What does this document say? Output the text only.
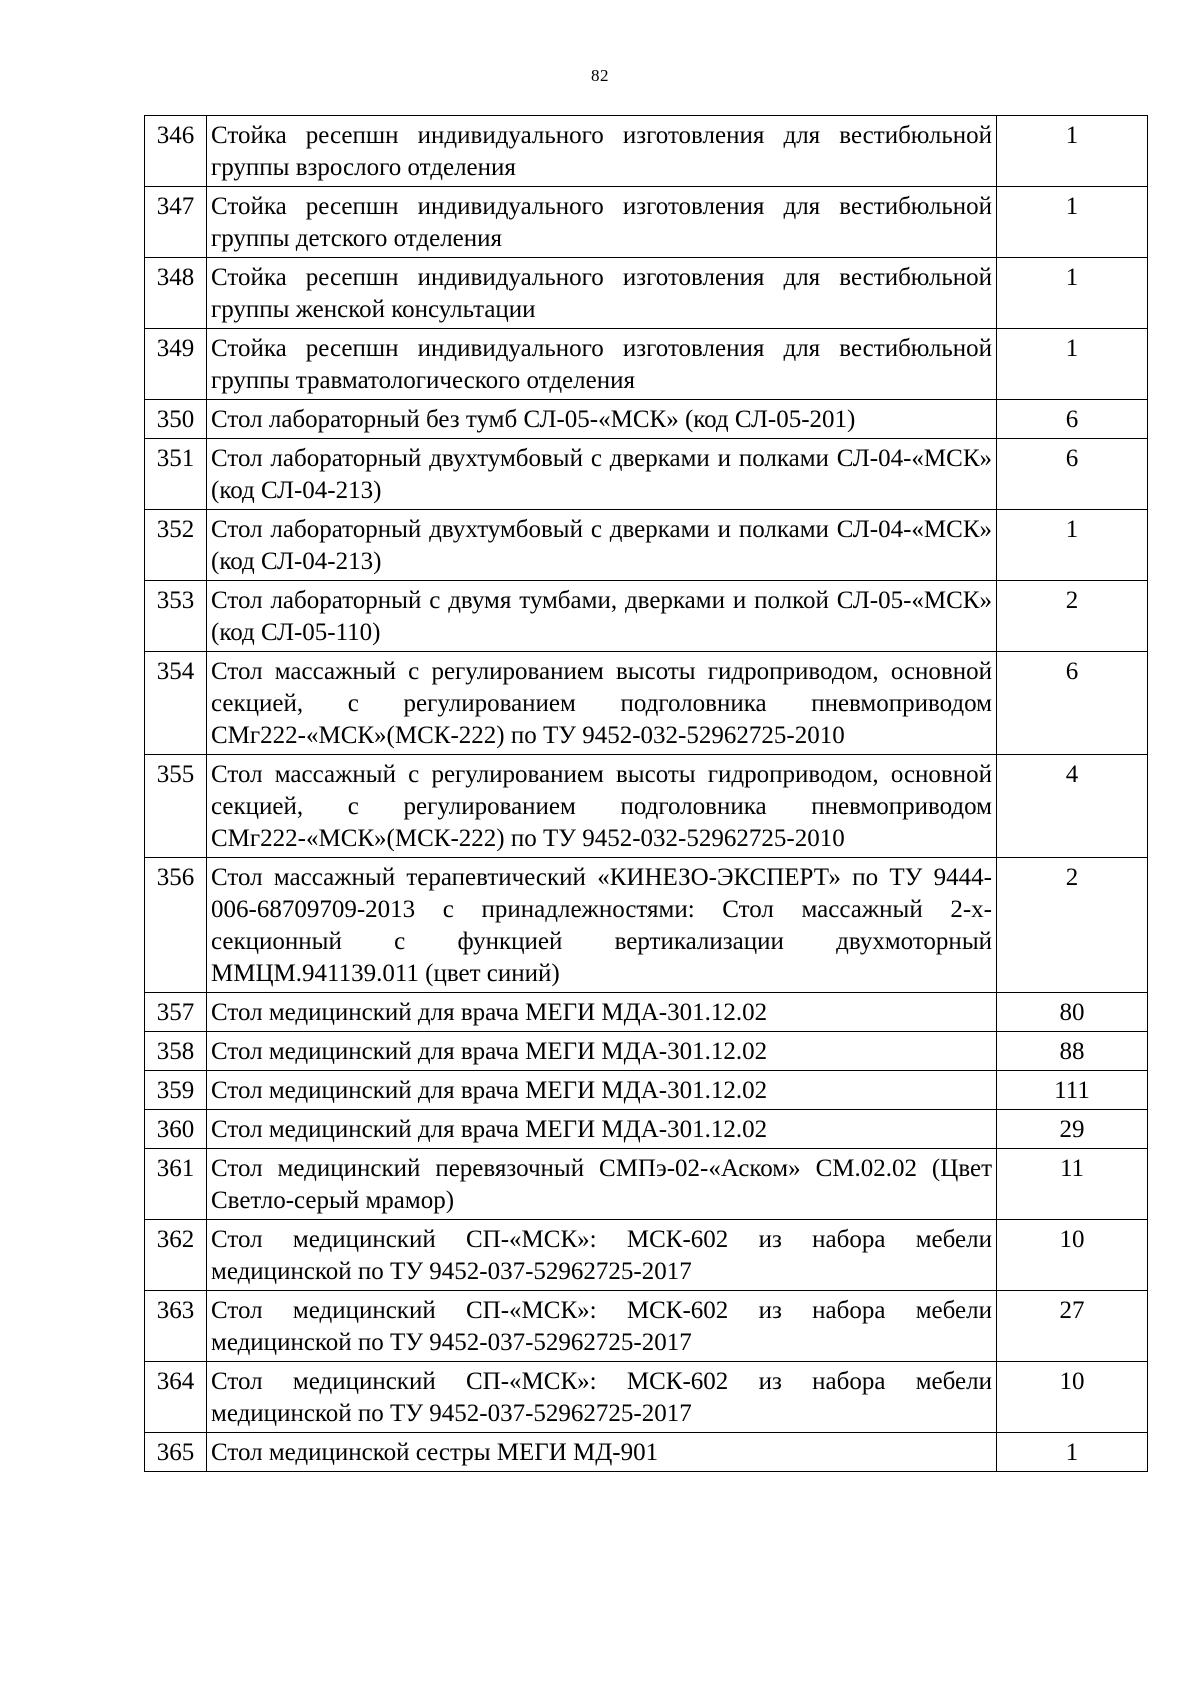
82
346	Стойка ресепшн индивидуального изготовления для вестибюльной группы взрослого отделения	1
347	Стойка ресепшн индивидуального изготовления для вестибюльной группы детского отделения	1
348	Стойка ресепшн индивидуального изготовления для вестибюльной группы женской консультации	1
349	Стойка ресепшн индивидуального изготовления для вестибюльной группы травматологического отделения	1
350	Стол лабораторный без тумб СЛ-05-«МСК» (код СЛ-05-201)	6
351	Стол лабораторный двухтумбовый с дверками и полками СЛ-04-«МСК» (код СЛ-04-213)	6
352	Стол лабораторный двухтумбовый с дверками и полками СЛ-04-«МСК» (код СЛ-04-213)	1
353	Стол лабораторный с двумя тумбами, дверками и полкой СЛ-05-«МСК» (код СЛ-05-110)	2
354	Стол массажный с регулированием высоты гидроприводом, основной секцией, с регулированием подголовника пневмоприводом СМг222-«МСК»(МСК-222) по ТУ 9452-032-52962725-2010	6
355	Стол массажный с регулированием высоты гидроприводом, основной секцией, с регулированием подголовника пневмоприводом СМг222-«МСК»(МСК-222) по ТУ 9452-032-52962725-2010	4
356	Стол массажный терапевтический «КИНЕЗО-ЭКСПЕРТ» по ТУ 9444-006-68709709-2013 с принадлежностями: Стол массажный 2-х-секционный с функцией вертикализации двухмоторный ММЦМ.941139.011 (цвет синий)	2
357	Стол медицинский для врача МЕГИ МДА-301.12.02	80
358	Стол медицинский для врача МЕГИ МДА-301.12.02	88
359	Стол медицинский для врача МЕГИ МДА-301.12.02	111
360	Стол медицинский для врача МЕГИ МДА-301.12.02	29
361	Стол медицинский перевязочный СМПэ-02-«Аском» СМ.02.02 (Цвет Светло-серый мрамор)	11
362	Стол медицинский СП-«МСК»: МСК-602 из набора мебели медицинской по ТУ 9452-037-52962725-2017	10
363	Стол медицинский СП-«МСК»: МСК-602 из набора мебели медицинской по ТУ 9452-037-52962725-2017	27
364	Стол медицинский СП-«МСК»: МСК-602 из набора мебели медицинской по ТУ 9452-037-52962725-2017	10
365	Стол медицинской сестры МЕГИ МД-901	1
